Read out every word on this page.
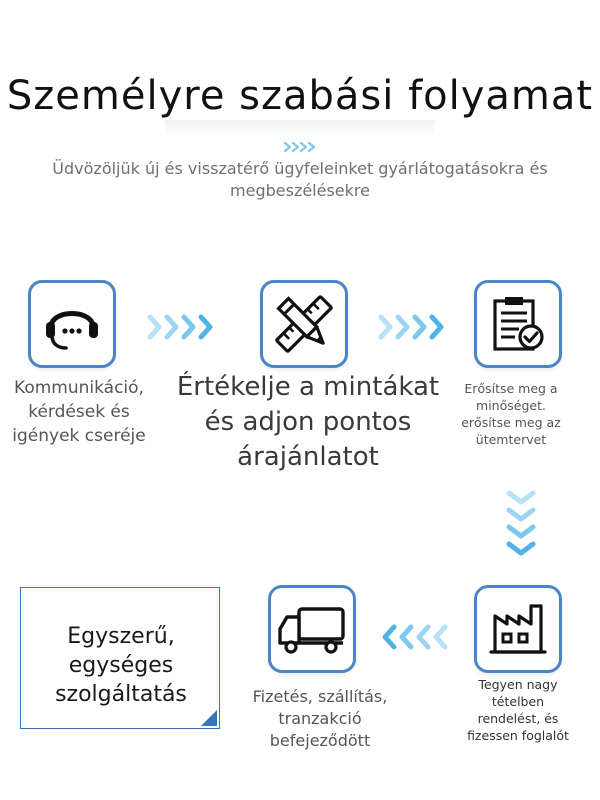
Személyre szabási folyamat
Üdvözöljük új és visszatérő ügyfeleinket gyárlátogatásokra és megbeszélésekre
Kommunikáció, kérdések és igények cseréje
Értékelje a mintákat és adjon pontos árajánlatot
Erősítse meg a minőséget. erősítse meg az ütemtervet
Tegyen nagy tételben rendelést, és fizessen foglalót
Fizetés, szállítás, tranzakció befejeződött
Egyszerű, egységes szolgáltatás
